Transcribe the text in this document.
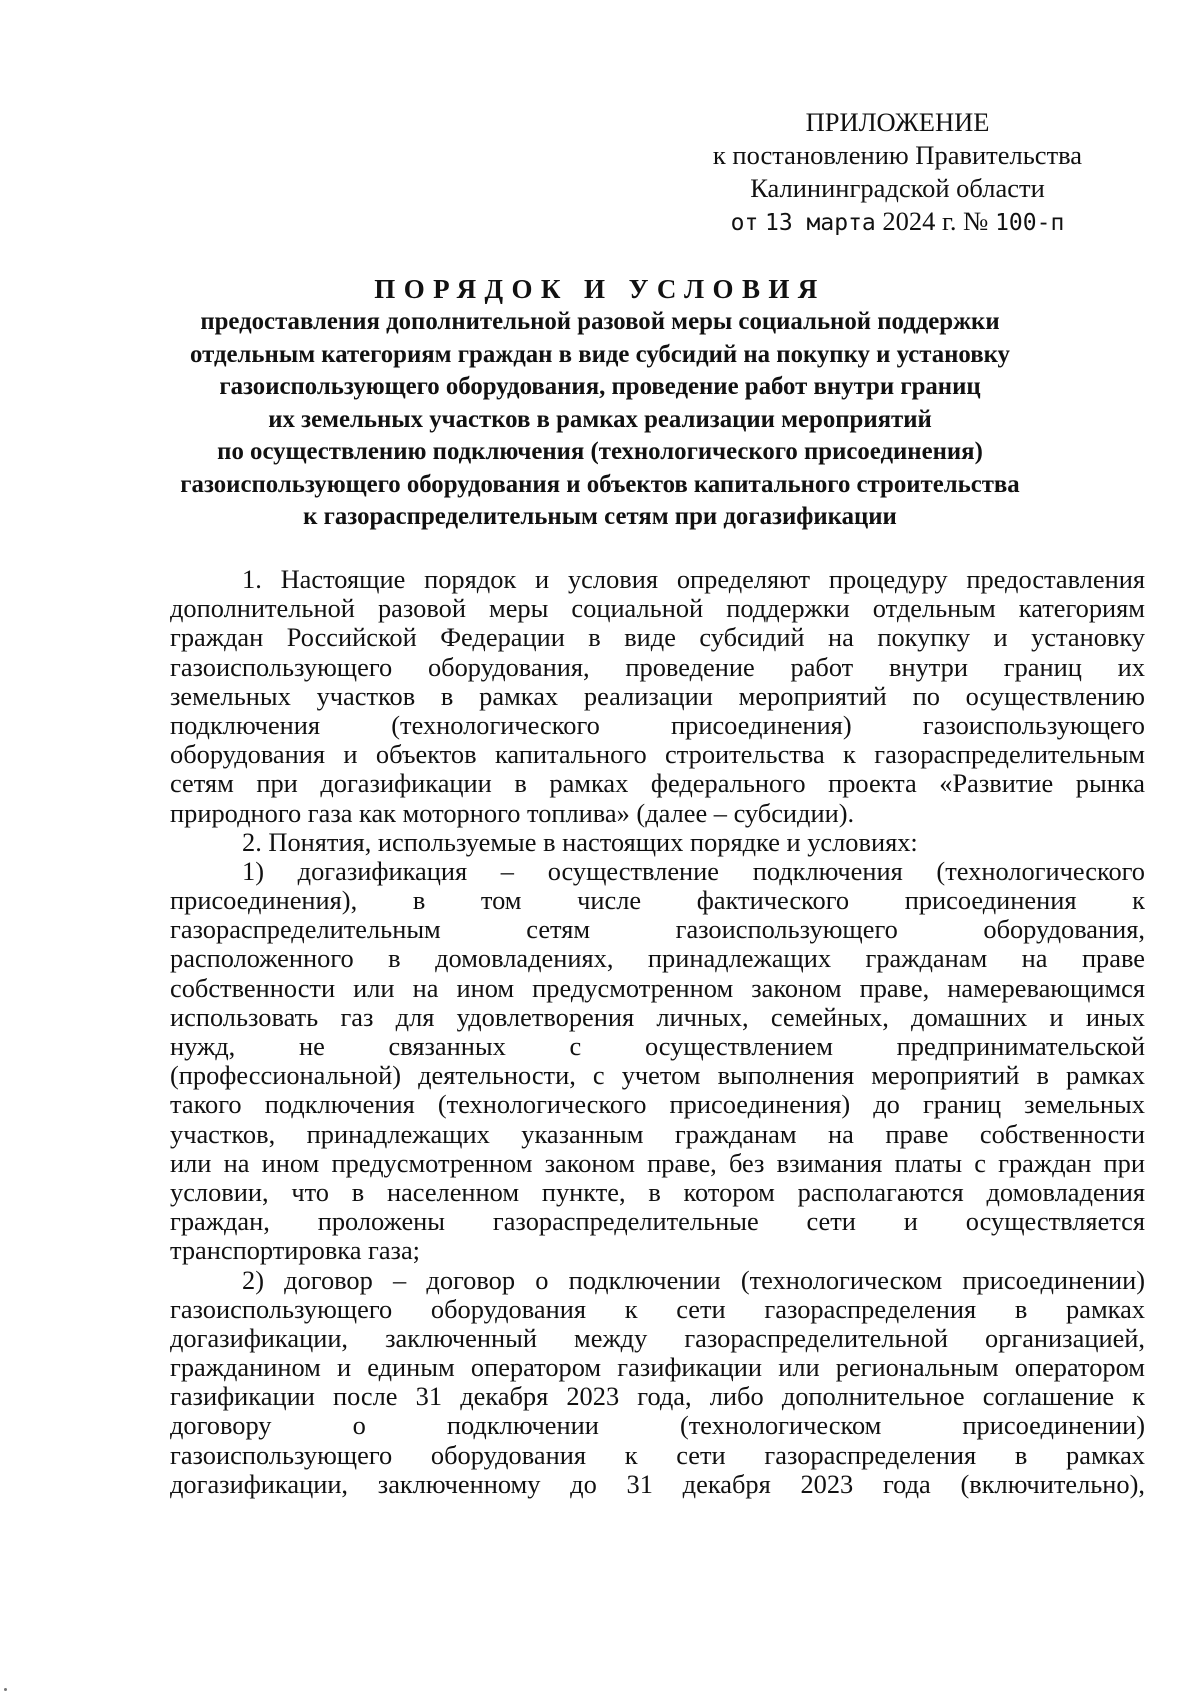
ПРИЛОЖЕНИЕ
к постановлению Правительства
Калининградской области
от 13 марта 2024 г. № 100-п
ПОРЯДОК И УСЛОВИЯ
предоставления дополнительной разовой меры социальной поддержки
отдельным категориям граждан в виде субсидий на покупку и установку
газоиспользующего оборудования, проведение работ внутри границ
их земельных участков в рамках реализации мероприятий
по осуществлению подключения (технологического присоединения)
газоиспользующего оборудования и объектов капитального строительства
к газораспределительным сетям при догазификации
1. Настоящие порядок и условия определяют процедуру предоставления
дополнительной разовой меры социальной поддержки отдельным категориям
граждан Российской Федерации в виде субсидий на покупку и установку
газоиспользующего оборудования, проведение работ внутри границ их
земельных участков в рамках реализации мероприятий по осуществлению
подключения (технологического присоединения) газоиспользующего
оборудования и объектов капитального строительства к газораспределительным
сетям при догазификации в рамках федерального проекта «Развитие рынка
природного газа как моторного топлива» (далее – субсидии).
2. Понятия, используемые в настоящих порядке и условиях:
1) догазификация – осуществление подключения (технологического
присоединения), в том числе фактического присоединения к
газораспределительным сетям газоиспользующего оборудования,
расположенного в домовладениях, принадлежащих гражданам на праве
собственности или на ином предусмотренном законом праве, намеревающимся
использовать газ для удовлетворения личных, семейных, домашних и иных
нужд, не связанных с осуществлением предпринимательской
(профессиональной) деятельности, с учетом выполнения мероприятий в рамках
такого подключения (технологического присоединения) до границ земельных
участков, принадлежащих указанным гражданам на праве собственности
или на ином предусмотренном законом праве, без взимания платы с граждан при
условии, что в населенном пункте, в котором располагаются домовладения
граждан, проложены газораспределительные сети и осуществляется
транспортировка газа;
2) договор – договор о подключении (технологическом присоединении)
газоиспользующего оборудования к сети газораспределения в рамках
догазификации, заключенный между газораспределительной организацией,
гражданином и единым оператором газификации или региональным оператором
газификации после 31 декабря 2023 года, либо дополнительное соглашение к
договору о подключении (технологическом присоединении)
газоиспользующего оборудования к сети газораспределения в рамках
догазификации, заключенному до 31 декабря 2023 года (включительно),
